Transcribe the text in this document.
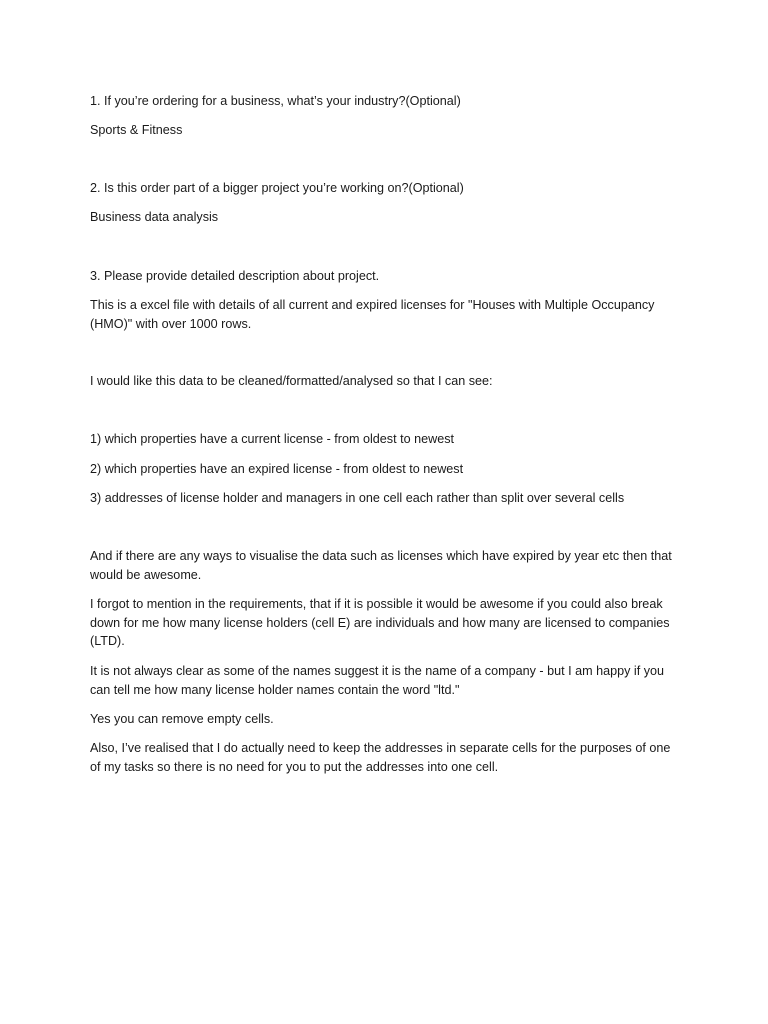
1. If you’re ordering for a business, what’s your industry?(Optional)

Sports & Fitness

2. Is this order part of a bigger project you’re working on?(Optional)

Business data analysis

3. Please provide detailed description about project.

This is a excel file with details of all current and expired licenses for "Houses with Multiple Occupancy (HMO)" with over 1000 rows.

I would like this data to be cleaned/formatted/analysed so that I can see:

1) which properties have a current license - from oldest to newest

2) which properties have an expired license - from oldest to newest

3) addresses of license holder and managers in one cell each rather than split over several cells

And if there are any ways to visualise the data such as licenses which have expired by year etc then that would be awesome.

I forgot to mention in the requirements, that if it is possible it would be awesome if you could also break down for me how many license holders (cell E) are individuals and how many are licensed to companies (LTD).

It is not always clear as some of the names suggest it is the name of a company - but I am happy if you can tell me how many license holder names contain the word "ltd."

Yes you can remove empty cells.

Also, I’ve realised that I do actually need to keep the addresses in separate cells for the purposes of one of my tasks so there is no need for you to put the addresses into one cell.
